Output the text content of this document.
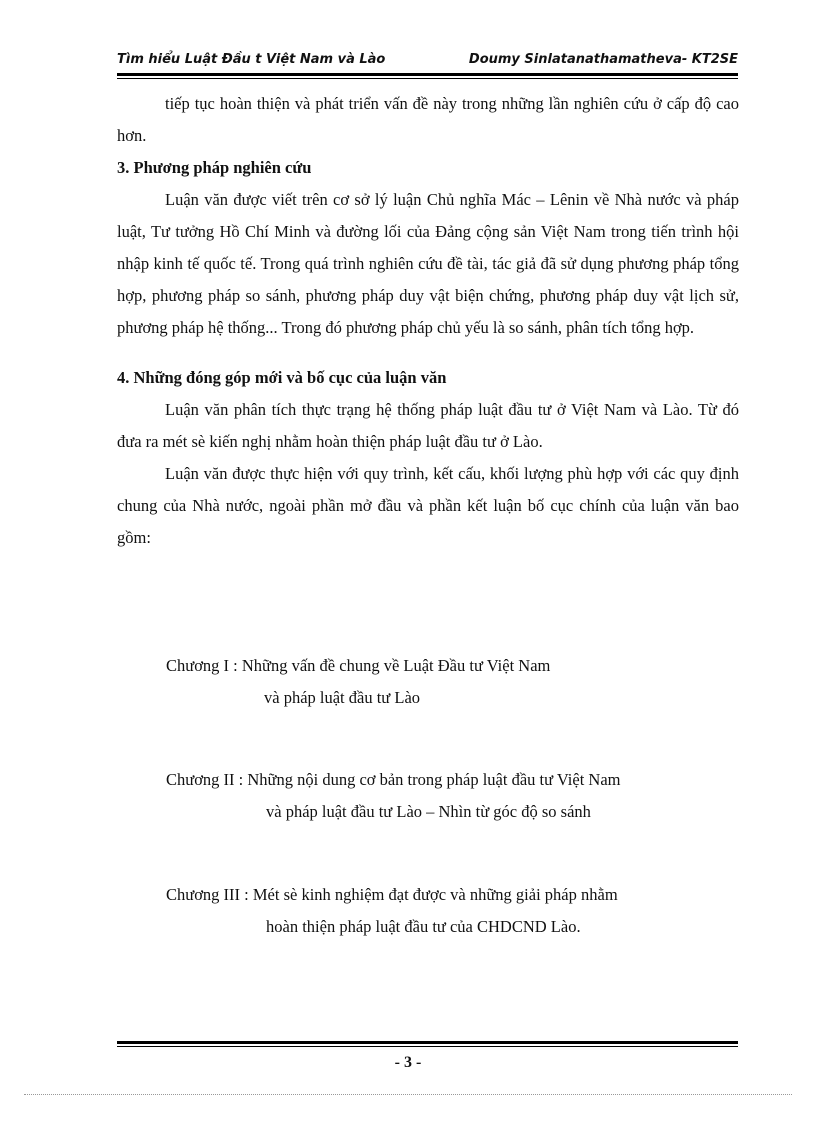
Tìm hiểu Luật Đầu t Việt Nam và Lào	Doumy Sinlatanathamatheva- KT2SE

tiếp tục hoàn thiện và phát triển vấn đề này trong những lần nghiên cứu ở cấp độ cao hơn.

3. Phương pháp nghiên cứu

Luận văn được viết trên cơ sở lý luận Chủ nghĩa Mác – Lênin về Nhà nước và pháp luật, Tư tưởng Hồ Chí Minh và đường lối của Đảng cộng sản Việt Nam trong tiến trình hội nhập kinh tế quốc tế. Trong quá trình nghiên cứu đề tài, tác giả đã sử dụng phương pháp tổng hợp, phương pháp so sánh, phương pháp duy vật biện chứng, phương pháp duy vật lịch sử, phương pháp hệ thống... Trong đó phương pháp chủ yếu là so sánh, phân tích tổng hợp.

4. Những đóng góp mới và bố cục của luận văn

Luận văn phân tích thực trạng hệ thống pháp luật đầu tư ở Việt Nam và Lào. Từ đó đưa ra mét sè kiến nghị nhằm hoàn thiện pháp luật đầu tư ở Lào.

Luận văn được thực hiện với quy trình, kết cấu, khối lượng phù hợp với các quy định chung của Nhà nước, ngoài phần mở đầu và phần kết luận bố cục chính của luận văn bao gồm:

Chương I : Những vấn đề chung về Luật Đầu tư Việt Nam
và pháp luật đầu tư Lào
Chương II : Những nội dung cơ bản trong pháp luật đầu tư Việt Nam
và pháp luật đầu tư Lào – Nhìn từ góc độ so sánh
Chương III : Mét sè kinh nghiệm đạt được và những giải pháp nhằm
hoàn thiện pháp luật đầu tư của CHDCND Lào.
- 3 -
